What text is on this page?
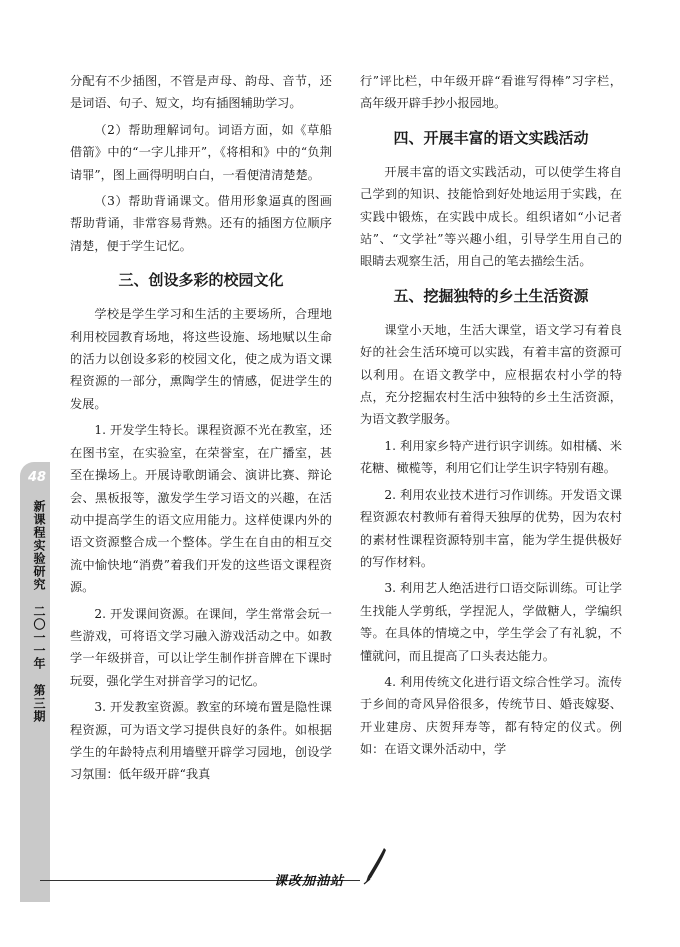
48
新课程实验研究二〇一一年第三期

分配有不少插图，不管是声母、韵母、音节，还是词语、句子、短文，均有插图辅助学习。

（2）帮助理解词句。词语方面，如《草船借箭》中的“一字儿排开”，《将相和》中的“负荆请罪”，图上画得明明白白，一看便清清楚楚。

（3）帮助背诵课文。借用形象逼真的图画帮助背诵，非常容易背熟。还有的插图方位顺序清楚，便于学生记忆。

三、创设多彩的校园文化

学校是学生学习和生活的主要场所，合理地利用校园教育场地，将这些设施、场地赋以生命的活力以创设多彩的校园文化，使之成为语文课程资源的一部分，熏陶学生的情感，促进学生的发展。

1. 开发学生特长。课程资源不光在教室，还在图书室，在实验室，在荣誉室，在广播室，甚至在操场上。开展诗歌朗诵会、演讲比赛、辩论会、黑板报等，激发学生学习语文的兴趣，在活动中提高学生的语文应用能力。这样使课内外的语文资源整合成一个整体。学生在自由的相互交流中愉快地“消费”着我们开发的这些语文课程资源。

2. 开发课间资源。在课间，学生常常会玩一些游戏，可将语文学习融入游戏活动之中。如教学一年级拼音，可以让学生制作拼音牌在下课时玩耍，强化学生对拼音学习的记忆。

3. 开发教室资源。教室的环境布置是隐性课程资源，可为语文学习提供良好的条件。如根据学生的年龄特点利用墙壁开辟学习园地，创设学习氛围：低年级开辟“我真

行”评比栏，中年级开辟“看谁写得棒”习字栏，高年级开辟手抄小报园地。

四、开展丰富的语文实践活动

开展丰富的语文实践活动，可以使学生将自己学到的知识、技能恰到好处地运用于实践，在实践中锻炼，在实践中成长。组织诸如“小记者站”、“文学社”等兴趣小组，引导学生用自己的眼睛去观察生活，用自己的笔去描绘生活。

五、挖掘独特的乡土生活资源

课堂小天地，生活大课堂，语文学习有着良好的社会生活环境可以实践，有着丰富的资源可以利用。在语文教学中，应根据农村小学的特点，充分挖掘农村生活中独特的乡土生活资源，为语文教学服务。

1. 利用家乡特产进行识字训练。如柑橘、米花糖、橄榄等，利用它们让学生识字特别有趣。

2. 利用农业技术进行习作训练。开发语文课程资源农村教师有着得天独厚的优势，因为农村的素材性课程资源特别丰富，能为学生提供极好的写作材料。

3. 利用艺人绝活进行口语交际训练。可让学生找能人学剪纸，学捏泥人，学做糖人，学编织等。在具体的情境之中，学生学会了有礼貌，不懂就问，而且提高了口头表达能力。

4. 利用传统文化进行语文综合性学习。流传于乡间的奇风异俗很多，传统节日、婚丧嫁娶、开业建房、庆贺拜寿等，都有特定的仪式。例如：在语文课外活动中，学

课改加油站
